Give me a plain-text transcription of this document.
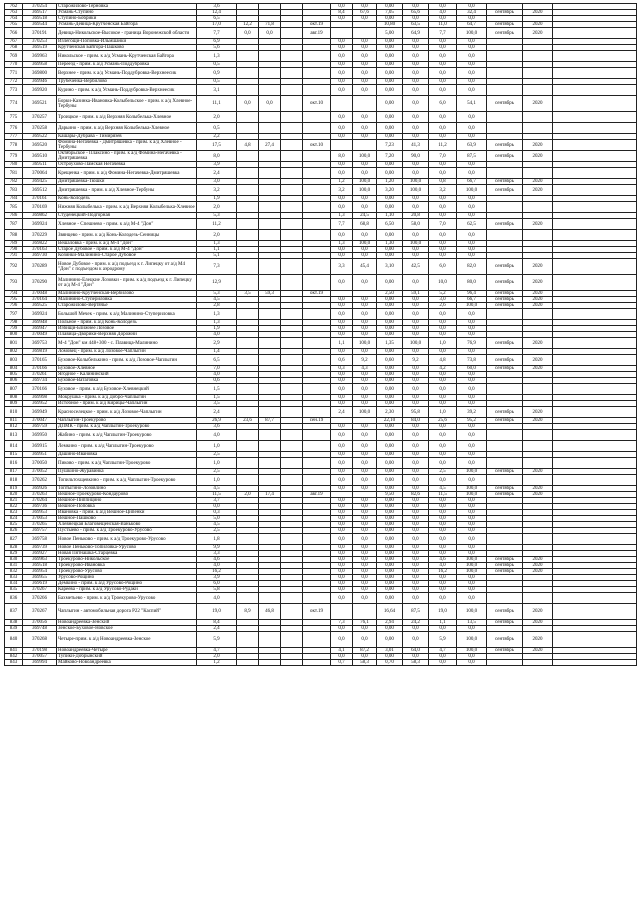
762	370254	Старожилово-Терновка	3,6					0,0	0,0	0,00	0,0	0,0	0,0			
763	369517	Усмань-Ступино	12,4					8,4	67,6	7,05	65,6	4,0	32,4	сентябрь	2020	
764	369518	Ступино-Бобрики	6,5					0,0	0,0	0,00	0,0	0,0	0,0			
765	369544	Усмань-Девица-Крутченская Байгора	17,0	12,2	71,8		окт.19			10,80	63,5	11,0	64,7	сентябрь	2020	
766	370191	Девица-Никольское-Высокое - граница Воронежской области	7,7	0,0	0,0		авг.19			5,00	64,9	7,7	100,0	сентябрь	2020	
767	370253	Излегощи-Поповка-Ильмшанки	6,9					0,0	0,0	0,00	0,0	0,0	0,0			
768	369519	Крутченская Байгора-Пашково	5,6					0,0	0,0	0,00	0,0	0,0	0,0			
769	369963	Никольское - прим. к а/д Усмань-Крутченская Байгора	1,3					0,0	0,0	0,00	0,0	0,0	0,0			
770	369958	Переезд - прим. к а/д Усмань-Поддубровка	0,5					0,0	0,0	0,00	0,0	0,0	0,0			
771	369800	Верхнее - прим. к а/д Усмань-Поддубровка-Верхнеесик	0,9					0,0	0,0	0,00	0,0	0,0	0,0			
772	369946	Трубеченка-Вербилово	0,5					0,0	0,0	0,00	0,0	0,0	0,0			
773	369920	Курино - прим. к а/д Усмань-Поддубровка-Верхнеесик	3,1					0,0	0,0	0,00	0,0	0,0	0,0			
774	369521	Борки-Казинка-Ивановка-Колыбельское - прим. к а/д Хлевное-Тербуны	11,1	0,0	0,0		окт.10			0,00	0,0	6,0	54,1	сентябрь	2020	
775	370257	Троицкое - прим. к а/д Верхняя Колыбелька-Хлевное	2,0					0,0	0,0	0,00	0,0	0,0	0,0			
776	370258	Дарьино - прим. к а/д Верхняя Колыбелька-Хлевное	0,5					0,0	0,0	0,00	0,0	0,0	0,0			
777	369522	Кашары-Дубрава - Тимирязев	2,2					0,0	0,0	0,00	0,0	0,0	0,0			
778	369520	Фомина-Негачевка - Дмитряшевка - прим. к а/д Хлевное - Тербуны	17,5	4,8	27,4		окт.10			7,23	41,3	11,2	63,9	сентябрь	2020	
779	369510	Октябрьское - Плаксино - прим. к а/д Фомина-Негачевка - Дмитряшевка	8,0					8,0	100,0	7,20	90,0	7,0	87,5	сентябрь	2020	
780	369511	Остроухово-Ламская Негачевка	3,9					0,0	0,0	0,00	0,0	0,0	0,0			
781	370064	Крещенка - прим. к а/д Фомина-Негачевка-Дмитряшевка	2,4					0,0	0,0	0,00	0,0	0,0	0,0			
782	369425	Дмитряшевка-Тюшки	3,0					1,2	100,0	1,20	100,0	0,8	66,7	сентябрь	2020	
783	369512	Дмитряшевка - прим. к а/д Хлевное-Тербуны	3,2					3,2	100,0	3,20	100,0	3,2	100,0	сентябрь	2020	
784	370161	Конь-Колодезь	1,9					0,0	0,0	0,00	0,0	0,0	0,0			
785	370169	Нижняя Колыбелька - прим. к а/д Верхняя Колыбелька-Хлевное	2,0					0,0	0,0	0,00	0,0	0,0	0,0			
786	369862	Студенецкий-Подгорная	5,3					1,3	24,5	1,10	20,8	0,0	0,0			
787	369924	Хлевное - Спешнево - прим. к а/д М-4 "Дон"	11,2					7,7	68,8	6,50	58,0	7,0	62,5	сентябрь	2020	
788	370229	Звянцево - прим. к а/д Конь-Колодезь-Сенницы	2,0					0,0	0,0	0,00	0,0	0,0	0,0			
789	369822	Вешаловка - прим. к а/д М-4 "Дон"	1,3					1,3	100,0	1,30	100,0	0,0	0,0			
790	370163	Старое Дубовое - прим. к а/д М-4 "Дон"	1,1					0,0	0,0	0,00	0,0	0,0	0,0			
791	369730	Козинки-Малинино-Старое Дубовое	5,1					0,0	0,0	0,00	0,0	0,0	0,0			
792	370289	Новое Дубовое - прим. к а/д подъезд к г. Липецку от а/д М4 "Дон" с подъездом к аэродрому	7,3					3,3	45,4	3,10	42,5	6,0	82,0	сентябрь	2020	
793	370290	Малинино-Елецкие Лозовки - прим. к а/д подъезд к г. Липецку от а/д М-4 "Дон"	12,9					0,0	0,0	0,00	0,0	10,0	80,0	сентябрь	2020	
794	370048	Малинино-Крутченская-Вербилово	5,3	3,5	59,3		окт.19			2,50	59,1	5,2	96,4	сентябрь	2020	
795	370164	Малинино-Ступериловка	4,5					0,0	0,0	0,00	0,0	3,0	66,7	сентябрь	2020	
796	369525	Старожилово-Вертячье	2,8					0,0	0,0	0,00	0,0	2,6	100,0	сентябрь	2020	
797	369924	Большой Мечек - прим. к а/д Малинино-Ступериловка	1,3					0,0	0,0	0,00	0,0	0,0	0,0			
798	369948	Польное - прим. к а/д Конь-Колодезь	1,3					0,0	0,0	0,00	0,0	0,0	0,0			
799	369947	Избищи-Ближнее Лозовое	1,9					0,0	0,0	0,00	0,0	0,0	0,0			
800	370049	Плавица-Дворики-Верхняя Дорожни	4,0					0,0	0,0	0,00	0,0	0,0	0,0			
801	369753	М-4 "Дон" км 448+300 - с. Плавица-Малинино	2,9					1,1	100,0	1,35	100,0	1,0	76,9	сентябрь	2020	
802	369819	Ломовец - прим. к а/д Лозовое-Чаплыгин	1,4					0,0	0,0	0,00	0,0	0,0	0,0			
803	370165	Буховое-Колыбелькино - прим. к а/д Лозовое-Чаплыгин	6,5					0,6	9,2	0,60	9,2	4,8	73,8	сентябрь	2020	
804	370166	Буховое-Хлевное	7,0					0,3	4,3	0,00	0,0	4,2	60,0	сентябрь	2020	
805	370261	Ягодное - Калининский	4,0					0,0	0,0	0,00	0,0	0,0	0,0			
806	369734	Буховое-Ватаговка	0,6					0,0	0,0	0,00	0,0	0,0	0,0			
807	370166	Буховое - прим. к а/д Буховое-Хлевнецкий	1,5					0,0	0,0	0,00	0,0	0,0	0,0			
808	369998	Мокрушка - прим. к а/д Добро-Чаплыгин	1,5					0,0	0,0	0,00	0,0	0,0	0,0			
809	369952	Истобное - прим. к а/д Кирицы-Чаплыгин	3,5					0,0	0,0	0,00	0,0	0,0	0,0			
810	369949	Красноселецкое - прим. к а/д Лозовое-Чаплыгин	2,4					2,4	100,0	2,30	95,8	1,0	39,2	сентябрь	2020	
811	370047	Чаплыгин-Троекурово	26,9	23,6	87,7		сен.19			22,10	84,0	25,6	95,2	сентябрь	2020	
812	369759	ДПМК - прим. к а/д Чаплыгин-Троекурово	3,6					0,0	0,0	0,00	0,0	0,0	0,0			
813	369950	Жабино - прим. к а/д Чаплыгин-Троекурово	4,0					0,0	0,0	0,00	0,0	0,0	0,0			
814	369915	Лемкино - прим. к а/д Чаплыгин-Троекурово	1,0					0,0	0,0	0,00	0,0	0,0	0,0			
815	369951	Дашино-Ивановка	2,5					0,0	0,0	0,00	0,0	0,0	0,0			
816	370050	Пиково - прим. к а/д Чаплыгин-Троекурово	1,0					0,0	0,0	0,00	0,0	0,0	0,0			
817	370052	Пушкино-Журавинка	2,5					0,0	0,0	0,00	0,0	2,5	100,0	сентябрь	2020	
818	370262	Топильтохщевкино - прим. к а/д Чаплыгин-Троекурово	1,0					0,0	0,0	0,00	0,0	0,0	0,0			
819	369926	Топтыгино-Лозовлино	4,5					0,0	0,0	0,00	0,0	4,5	100,0	сентябрь	2020	
820	370263	Вешное-Троекурово-Кондаурово	11,5	2,0	17,4		авг.19			9,50	82,6	11,5	100,0	сентябрь	2020	
821	370264	Вешное-Пиппицино	3,7					0,0	0,0	0,00	0,0	0,0	0,0			
822	369736	Вешное-Поповка	0,0					0,0	0,0	0,00	0,0	0,0	0,0			
823	369953	Ивановка - прим. к а/д Вешное-Ципенки	0,3					0,0	0,0	0,00	0,0	0,0	0,0			
824	370053	Вешное-Пашково	5,0					0,0	0,0	0,00	0,0	0,0	0,0			
825	370265	Хлевнецкая Благовещенская-Ваньково	4,5					0,0	0,0	0,00	0,0	0,0	0,0			
826	369757	Пустыево - прим. к а/д Троекурово-Урусово	2,5					0,0	0,0	0,00	0,0	0,0	0,0			
827	369758	Новое Пеньково - прим. к а/д Троекурово-Урусово	1,8					0,0	0,0	0,00	0,0	0,0	0,0			
828	369739	Новое Пеньково-Топиловка-Урусово	9,9					0,0	0,0	0,00	0,0	0,0	0,0			
829	369927	Новая Пятнашка-Старцевка	3,3					0,0	0,0	0,00	0,0	0,0	0,0			
830	369963	Троекурово-Никольское	4,6					0,0	0,0	0,00	0,0	4,6	100,0	сентябрь	2020	
831	369518	Троекурово-Ивановка	4,0					0,0	0,0	0,00	0,0	4,0	100,0	сентябрь	2020	
832	369954	Троекурово-Урусово	16,2					0,0	0,0	0,00	0,0	16,2	100,0	сентябрь	2020	
833	369955	Урусово-Рощино	3,9					0,0	0,0	0,00	0,0	0,0	0,0			
834	369619	Демкино - прим. к а/д Урусово-Рощино	6,0					0,0	0,0	0,00	0,0	0,0	0,0			
835	370267	Кареева - прим. к а/д Урусово-Рудаки	5,8					0,0	0,0	0,00	0,0	0,0	0,0			
836	370266	Бахметьево - прим. к а/д Троекурово-Урусово	4,0					0,0	0,0	0,00	0,0	0,0	0,0			
837	370267	Чаплыгин - автомобильная дорога Р22 "Каспий"	19,0	8,9	46,8		окт.19			16,64	87,5	19,0	100,0	сентябрь	2020	
838	370056	Новоандреевка-Зенский	8,4					7,3	76,1	2,94	24,2	1,1	13,5	сентябрь	2020	
839	369748	Зенское-Буховое-Новское	2,4					0,0	0,0	0,00	0,0	0,0	0,0			
840	370268	Четыре-прим. к а/д Новоандреевка-Зенское	5,9					0,0	0,0	0,00	0,0	5,9	100,0	сентябрь	2020	
841	370198	Новоандреевка-Четыре	4,7					4,1	87,2	3,01	64,0	4,7	100,0	сентябрь	2020	
842	370057	Тупики-Добрынский	2,0					0,0	0,0	0,00	0,0	0,0	0,0			
843	369994	Майково-Новоандреевка	1,2					0,7	58,3	0,70	58,3	0,0	0,0			
